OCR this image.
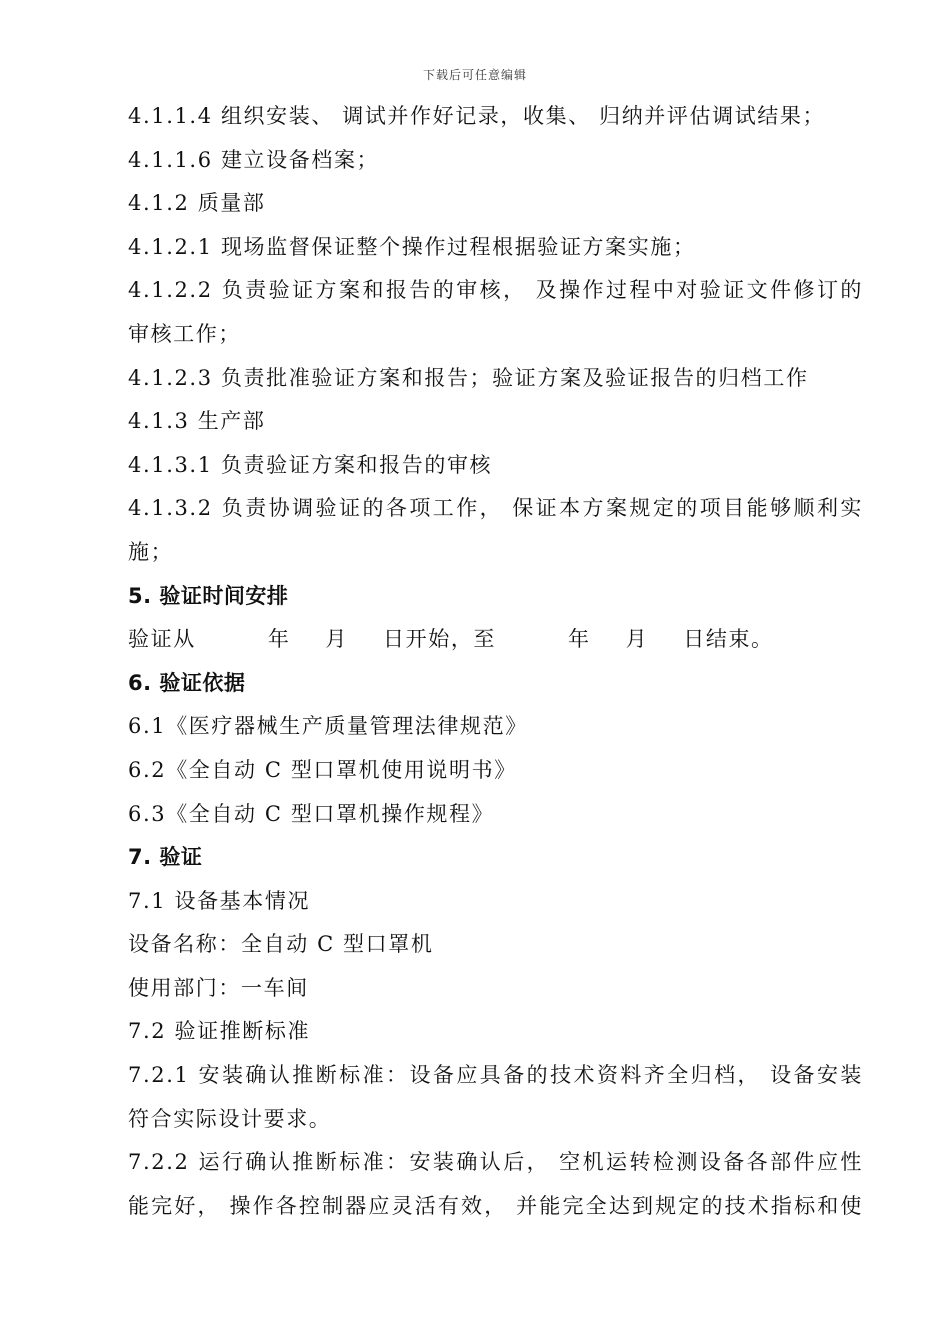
下载后可任意编辑
4.1.1.4 组织安装、 调试并作好记录，收集、 归纳并评估调试结果；
4.1.1.6 建立设备档案；
4.1.2 质量部
4.1.2.1 现场监督保证整个操作过程根据验证方案实施；
4.1.2.2 负责验证方案和报告的审核， 及操作过程中对验证文件修订的
审核工作；
4.1.2.3 负责批准验证方案和报告；验证方案及验证报告的归档工作
4.1.3 生产部
4.1.3.1 负责验证方案和报告的审核
4.1.3.2 负责协调验证的各项工作， 保证本方案规定的项目能够顺利实
施；
5. 验证时间安排
验证从	年 月 日开始，至	年 月 日结束。
6. 验证依据
6.1《医疗器械生产质量管理法律规范》
6.2《全自动 C 型口罩机使用说明书》
6.3《全自动 C 型口罩机操作规程》
7. 验证
7.1 设备基本情况
设备名称：全自动 C 型口罩机
使用部门：一车间
7.2 验证推断标准
7.2.1 安装确认推断标准：设备应具备的技术资料齐全归档， 设备安装
符合实际设计要求。
7.2.2 运行确认推断标准：安装确认后， 空机运转检测设备各部件应性
能完好， 操作各控制器应灵活有效， 并能完全达到规定的技术指标和使
